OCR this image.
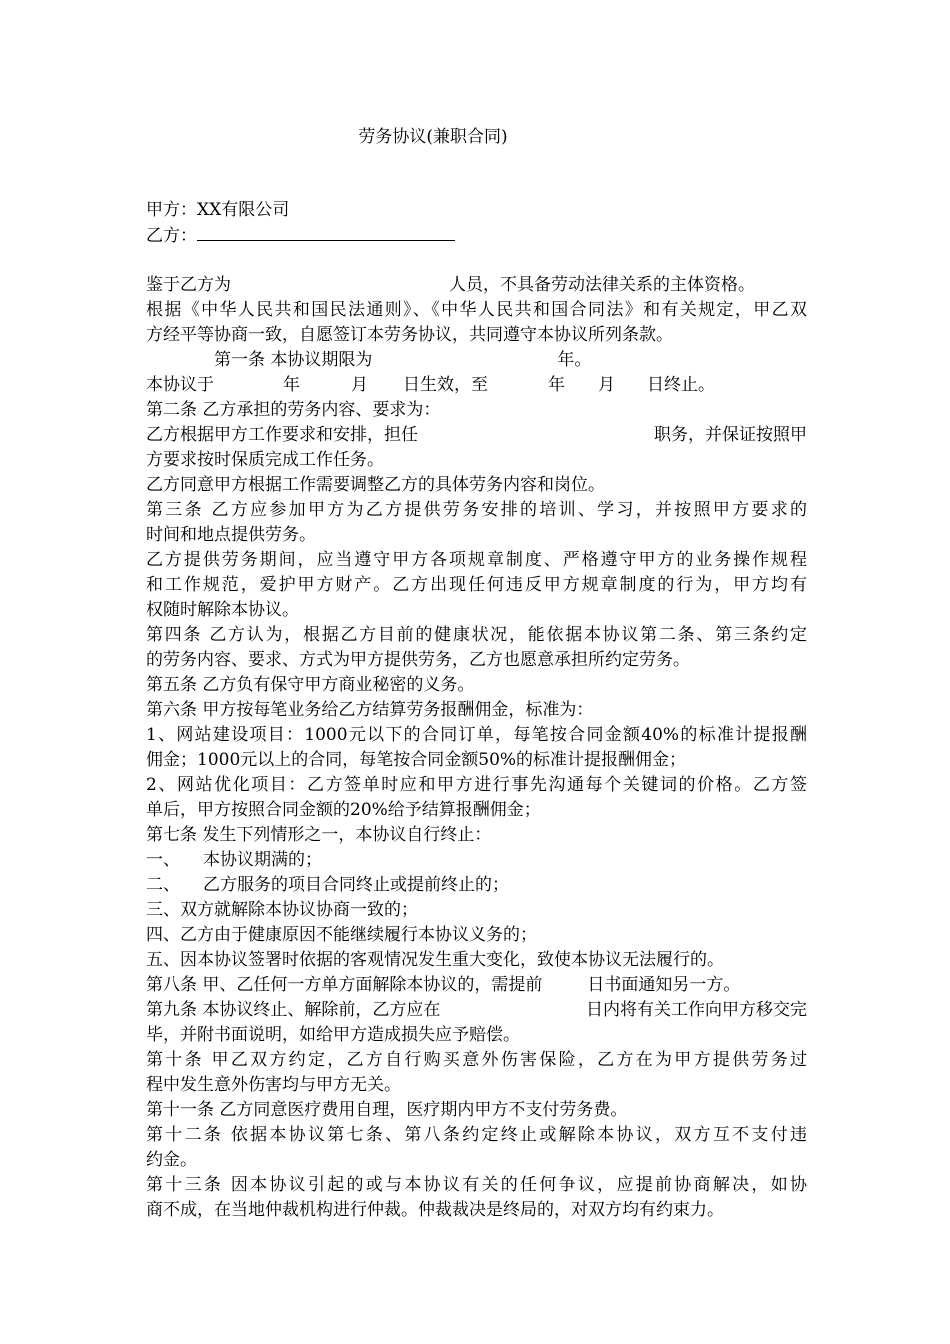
劳务协议(兼职合同)
甲方：XX有限公司
乙方：
鉴于乙方为	人员，不具备劳动法律关系的主体资格。
根据《中华人民共和国民法通则》、《中华人民共和国合同法》和有关规定，甲乙双
方经平等协商一致，自愿签订本劳务协议，共同遵守本协议所列条款。
第一条 本协议期限为	年。
本协议于	年	月 日生效，至	年 月 日终止。
第二条 乙方承担的劳务内容、要求为：
乙方根据甲方工作要求和安排，担任	职务，并保证按照甲
方要求按时保质完成工作任务。
乙方同意甲方根据工作需要调整乙方的具体劳务内容和岗位。
第三条 乙方应参加甲方为乙方提供劳务安排的培训、学习，并按照甲方要求的
时间和地点提供劳务。
乙方提供劳务期间，应当遵守甲方各项规章制度、严格遵守甲方的业务操作规程
和工作规范，爱护甲方财产。乙方出现任何违反甲方规章制度的行为，甲方均有
权随时解除本协议。
第四条 乙方认为，根据乙方目前的健康状况，能依据本协议第二条、第三条约定
的劳务内容、要求、方式为甲方提供劳务，乙方也愿意承担所约定劳务。
第五条 乙方负有保守甲方商业秘密的义务。
第六条 甲方按每笔业务给乙方结算劳务报酬佣金，标准为：
1、网站建设项目：1000元以下的合同订单，每笔按合同金额40%的标准计提报酬
佣金；1000元以上的合同，每笔按合同金额50%的标准计提报酬佣金；
2、网站优化项目：乙方签单时应和甲方进行事先沟通每个关键词的价格。乙方签
单后，甲方按照合同金额的20%给予结算报酬佣金；
第七条 发生下列情形之一，本协议自行终止：
一、 本协议期满的；
二、 乙方服务的项目合同终止或提前终止的；
三、双方就解除本协议协商一致的；
四、乙方由于健康原因不能继续履行本协议义务的；
五、因本协议签署时依据的客观情况发生重大变化，致使本协议无法履行的。
第八条 甲、乙任何一方单方面解除本协议的，需提前	日书面通知另一方。
第九条 本协议终止、解除前，乙方应在	日内将有关工作向甲方移交完
毕，并附书面说明，如给甲方造成损失应予赔偿。
第十条 甲乙双方约定，乙方自行购买意外伤害保险，乙方在为甲方提供劳务过
程中发生意外伤害均与甲方无关。
第十一条 乙方同意医疗费用自理，医疗期内甲方不支付劳务费。
第十二条 依据本协议第七条、第八条约定终止或解除本协议，双方互不支付违
约金。
第十三条 因本协议引起的或与本协议有关的任何争议，应提前协商解决，如协
商不成，在当地仲裁机构进行仲裁。仲裁裁决是终局的，对双方均有约束力。
